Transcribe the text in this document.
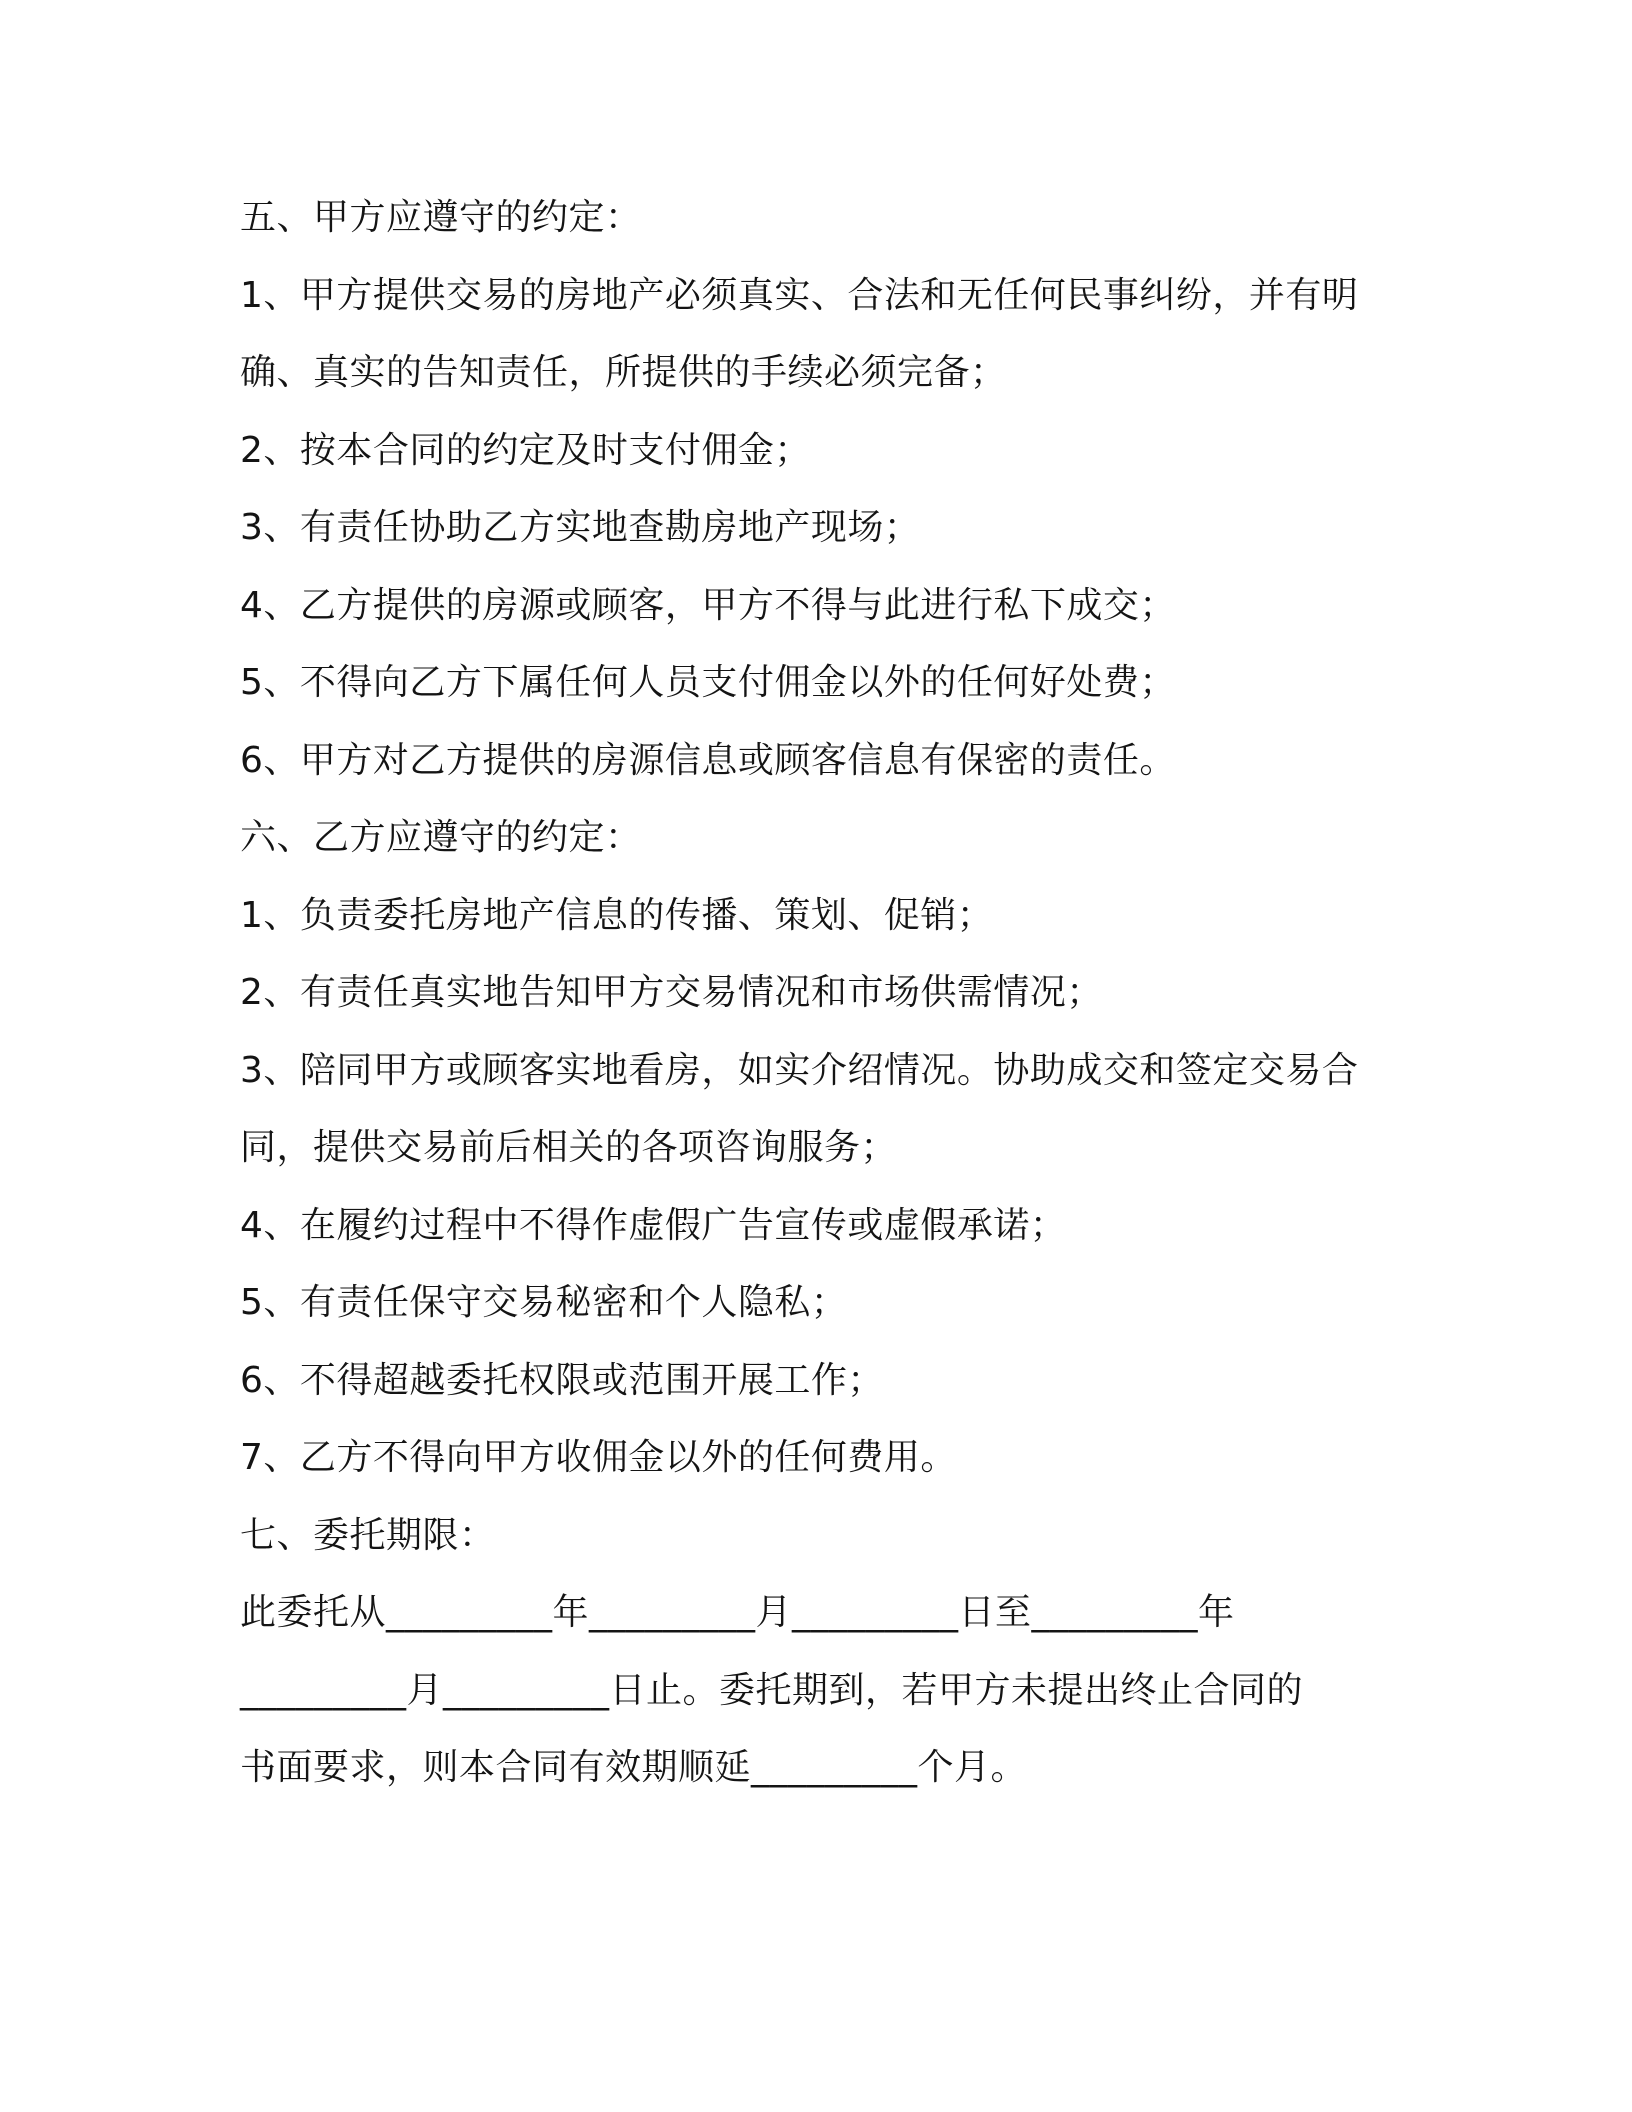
五、甲方应遵守的约定：
1、甲方提供交易的房地产必须真实、合法和无任何民事纠纷，并有明
确、真实的告知责任，所提供的手续必须完备；
2、按本合同的约定及时支付佣金；
3、有责任协助乙方实地查勘房地产现场；
4、乙方提供的房源或顾客，甲方不得与此进行私下成交；
5、不得向乙方下属任何人员支付佣金以外的任何好处费；
6、甲方对乙方提供的房源信息或顾客信息有保密的责任。
六、乙方应遵守的约定：
1、负责委托房地产信息的传播、策划、促销；
2、有责任真实地告知甲方交易情况和市场供需情况；
3、陪同甲方或顾客实地看房，如实介绍情况。协助成交和签定交易合
同，提供交易前后相关的各项咨询服务；
4、在履约过程中不得作虚假广告宣传或虚假承诺；
5、有责任保守交易秘密和个人隐私；
6、不得超越委托权限或范围开展工作；
7、乙方不得向甲方收佣金以外的任何费用。
七、委托期限：
此委托从_________年_________月_________日至_________年
_________月_________日止。委托期到，若甲方未提出终止合同的
书面要求，则本合同有效期顺延_________个月。
